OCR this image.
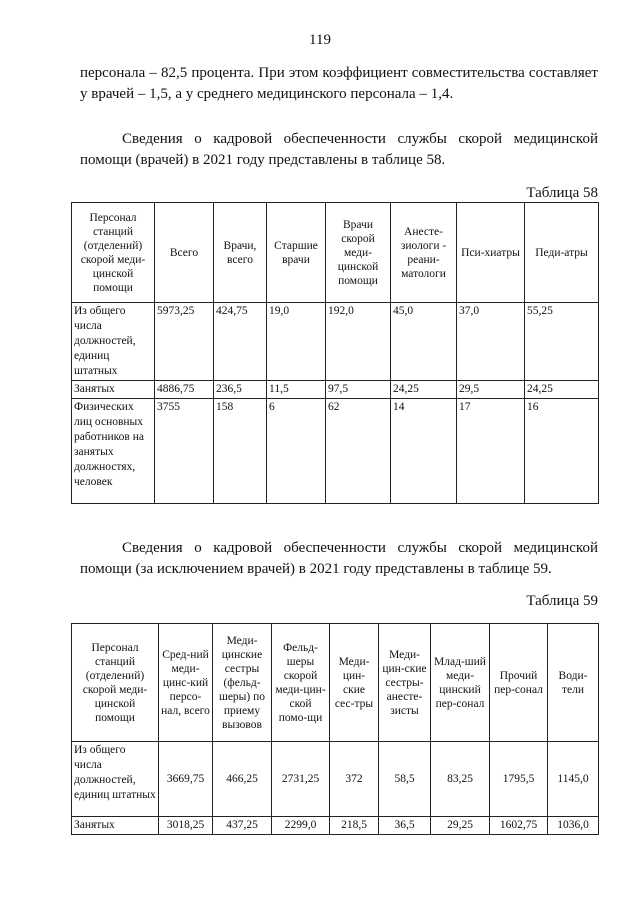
119

персонала – 82,5 процента. При этом коэффициент совместительства составляет у врачей – 1,5, а у среднего медицинского персонала – 1,4.

Сведения о кадровой обеспеченности службы скорой медицинской помощи (врачей) в 2021 году представлены в таблице 58.

Таблица 58
Персонал станций (отделений) скорой меди-цинской помощи	Всего	Врачи, всего	Старшие врачи	Врачи скорой меди-цинской помощи	Анесте-зиологи - реани-матологи	Пси-хиатры	Педи-атры
Из общего числа должностей, единиц штатных	5973,25	424,75	19,0	192,0	45,0	37,0	55,25
Занятых	4886,75	236,5	11,5	97,5	24,25	29,5	24,25
Физических лиц основных работников на занятых должностях, человек	3755	158	6	62	14	17	16

Сведения о кадровой обеспеченности службы скорой медицинской помощи (за исключением врачей) в 2021 году представлены в таблице 59.

Таблица 59
Персонал станций (отделений) скорой меди-цинской помощи	Сред-ний меди-цинс-кий персо-нал, всего	Меди-цинские сестры (фельд-шеры) по приему вызовов	Фельд-шеры скорой меди-цин-ской помо-щи	Меди-цин-ские сес-тры	Меди-цин-ские сестры-анесте-зисты	Млад-ший меди-цинский пер-сонал	Прочий пер-сонал	Води-тели
Из общего числа должностей, единиц штатных	3669,75	466,25	2731,25	372	58,5	83,25	1795,5	1145,0
Занятых	3018,25	437,25	2299,0	218,5	36,5	29,25	1602,75	1036,0
